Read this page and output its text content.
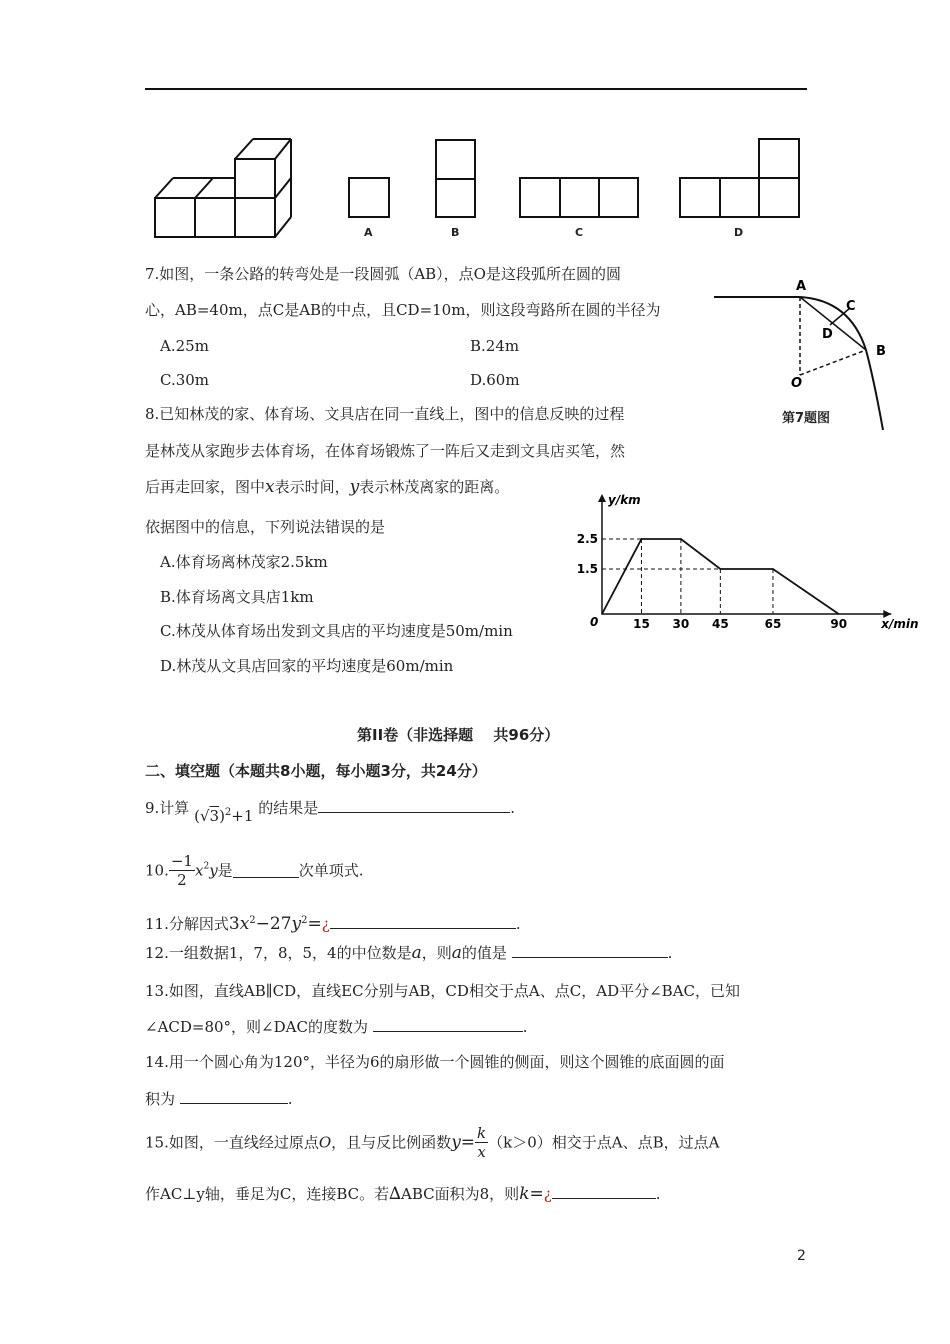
A	B	C	D
7.如图，一条公路的转弯处是一段圆弧（AB），点O是这段弧所在圆的圆
心，AB=40m，点C是AB的中点，且CD=10m，则这段弯路所在圆的半径为
A.25m	B.24m
C.30m	D.60m
A
C
D
B
O
第7题图
8.已知林茂的家、体育场、文具店在同一直线上，图中的信息反映的过程
是林茂从家跑步去体育场，在体育场锻炼了一阵后又走到文具店买笔，然
后再走回家，图中x表示时间，y表示林茂离家的距离。
依据图中的信息，下列说法错误的是
A.体育场离林茂家2.5km
B.体育场离文具店1km
C.林茂从体育场出发到文具店的平均速度是50m/min
D.林茂从文具店回家的平均速度是60m/min
y/km
x/min
0	15 30 45	65	90
2.5
1.5
第II卷（非选择题　 共96分）
二、填空题（本题共8小题，每小题3分，共24分）
9.计算 $(√3)^2+1$ 的结果是	.
10. $\frac{-1}{2} x^2y$是	次单项式.
11.分解因式$3x^2-27y^2=¿$	.
12.一组数据1，7，8，5，4的中位数是a，则a的值是	.
13.如图，直线AB∥CD，直线EC分别与AB，CD相交于点A、点C，AD平分∠BAC，已知
∠ACD=80°，则∠DAC的度数为	.
14.用一个圆心角为120°，半径为6的扇形做一个圆锥的侧面，则这个圆锥的底面圆的面
积为	.
15.如图，一直线经过原点O，且与反比例函数$y= \frac{k}{x} (k>0)$相交于点A、点B，过点A
作AC⊥y轴，垂足为C，连接BC。若∆ABC面积为8，则k=¿	.
2
